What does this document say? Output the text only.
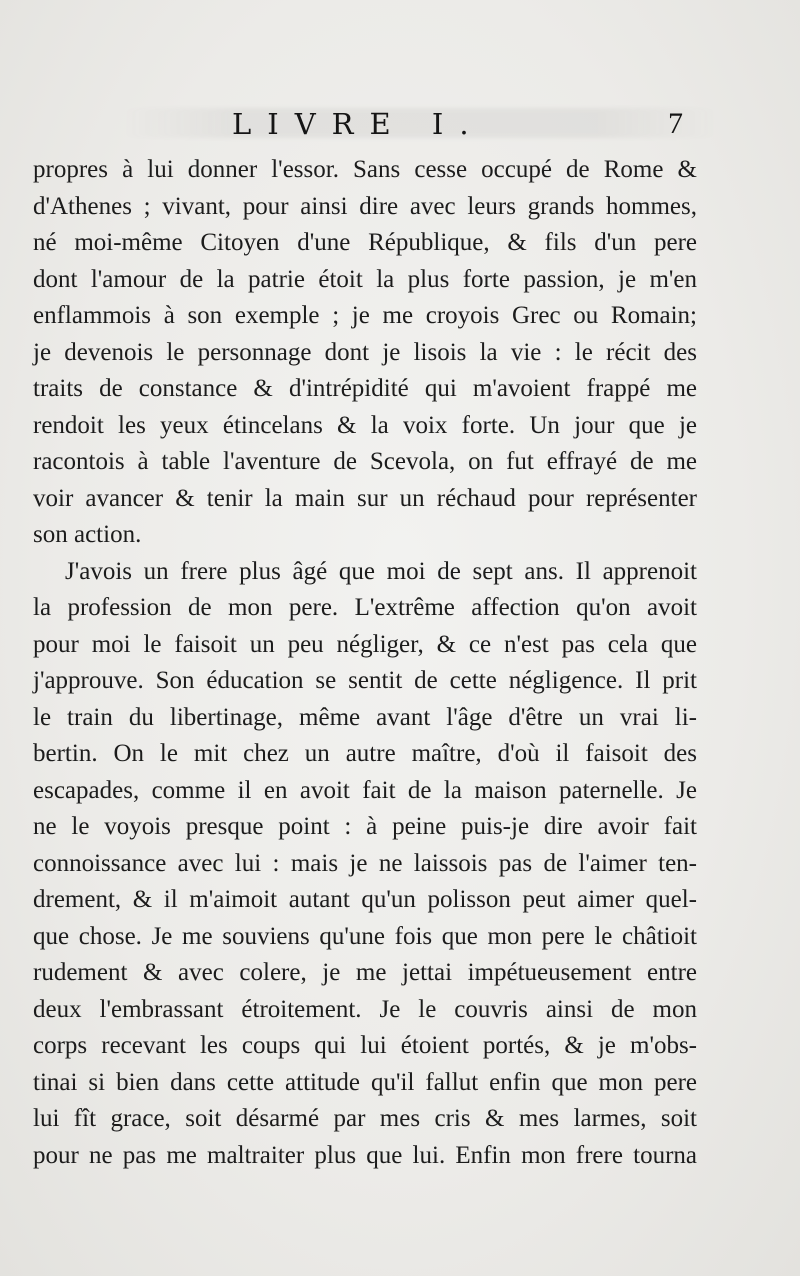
LIVRE I.	7
propres à lui donner l'essor. Sans cesse occupé de Rome &
d'Athenes ; vivant, pour ainsi dire avec leurs grands hommes,
né moi-même Citoyen d'une République, & fils d'un pere
dont l'amour de la patrie étoit la plus forte passion, je m'en
enflammois à son exemple ; je me croyois Grec ou Romain;
je devenois le personnage dont je lisois la vie : le récit des
traits de constance & d'intrépidité qui m'avoient frappé me
rendoit les yeux étincelans & la voix forte. Un jour que je
racontois à table l'aventure de Scevola, on fut effrayé de me
voir avancer & tenir la main sur un réchaud pour représenter
son action.
J'avois un frere plus âgé que moi de sept ans. Il apprenoit
la profession de mon pere. L'extrême affection qu'on avoit
pour moi le faisoit un peu négliger, & ce n'est pas cela que
j'approuve. Son éducation se sentit de cette négligence. Il prit
le train du libertinage, même avant l'âge d'être un vrai li-
bertin. On le mit chez un autre maître, d'où il faisoit des
escapades, comme il en avoit fait de la maison paternelle. Je
ne le voyois presque point : à peine puis-je dire avoir fait
connoissance avec lui : mais je ne laissois pas de l'aimer ten-
drement, & il m'aimoit autant qu'un polisson peut aimer quel-
que chose. Je me souviens qu'une fois que mon pere le châtioit
rudement & avec colere, je me jettai impétueusement entre
deux l'embrassant étroitement. Je le couvris ainsi de mon
corps recevant les coups qui lui étoient portés, & je m'obs-
tinai si bien dans cette attitude qu'il fallut enfin que mon pere
lui fît grace, soit désarmé par mes cris & mes larmes, soit
pour ne pas me maltraiter plus que lui. Enfin mon frere tourna
